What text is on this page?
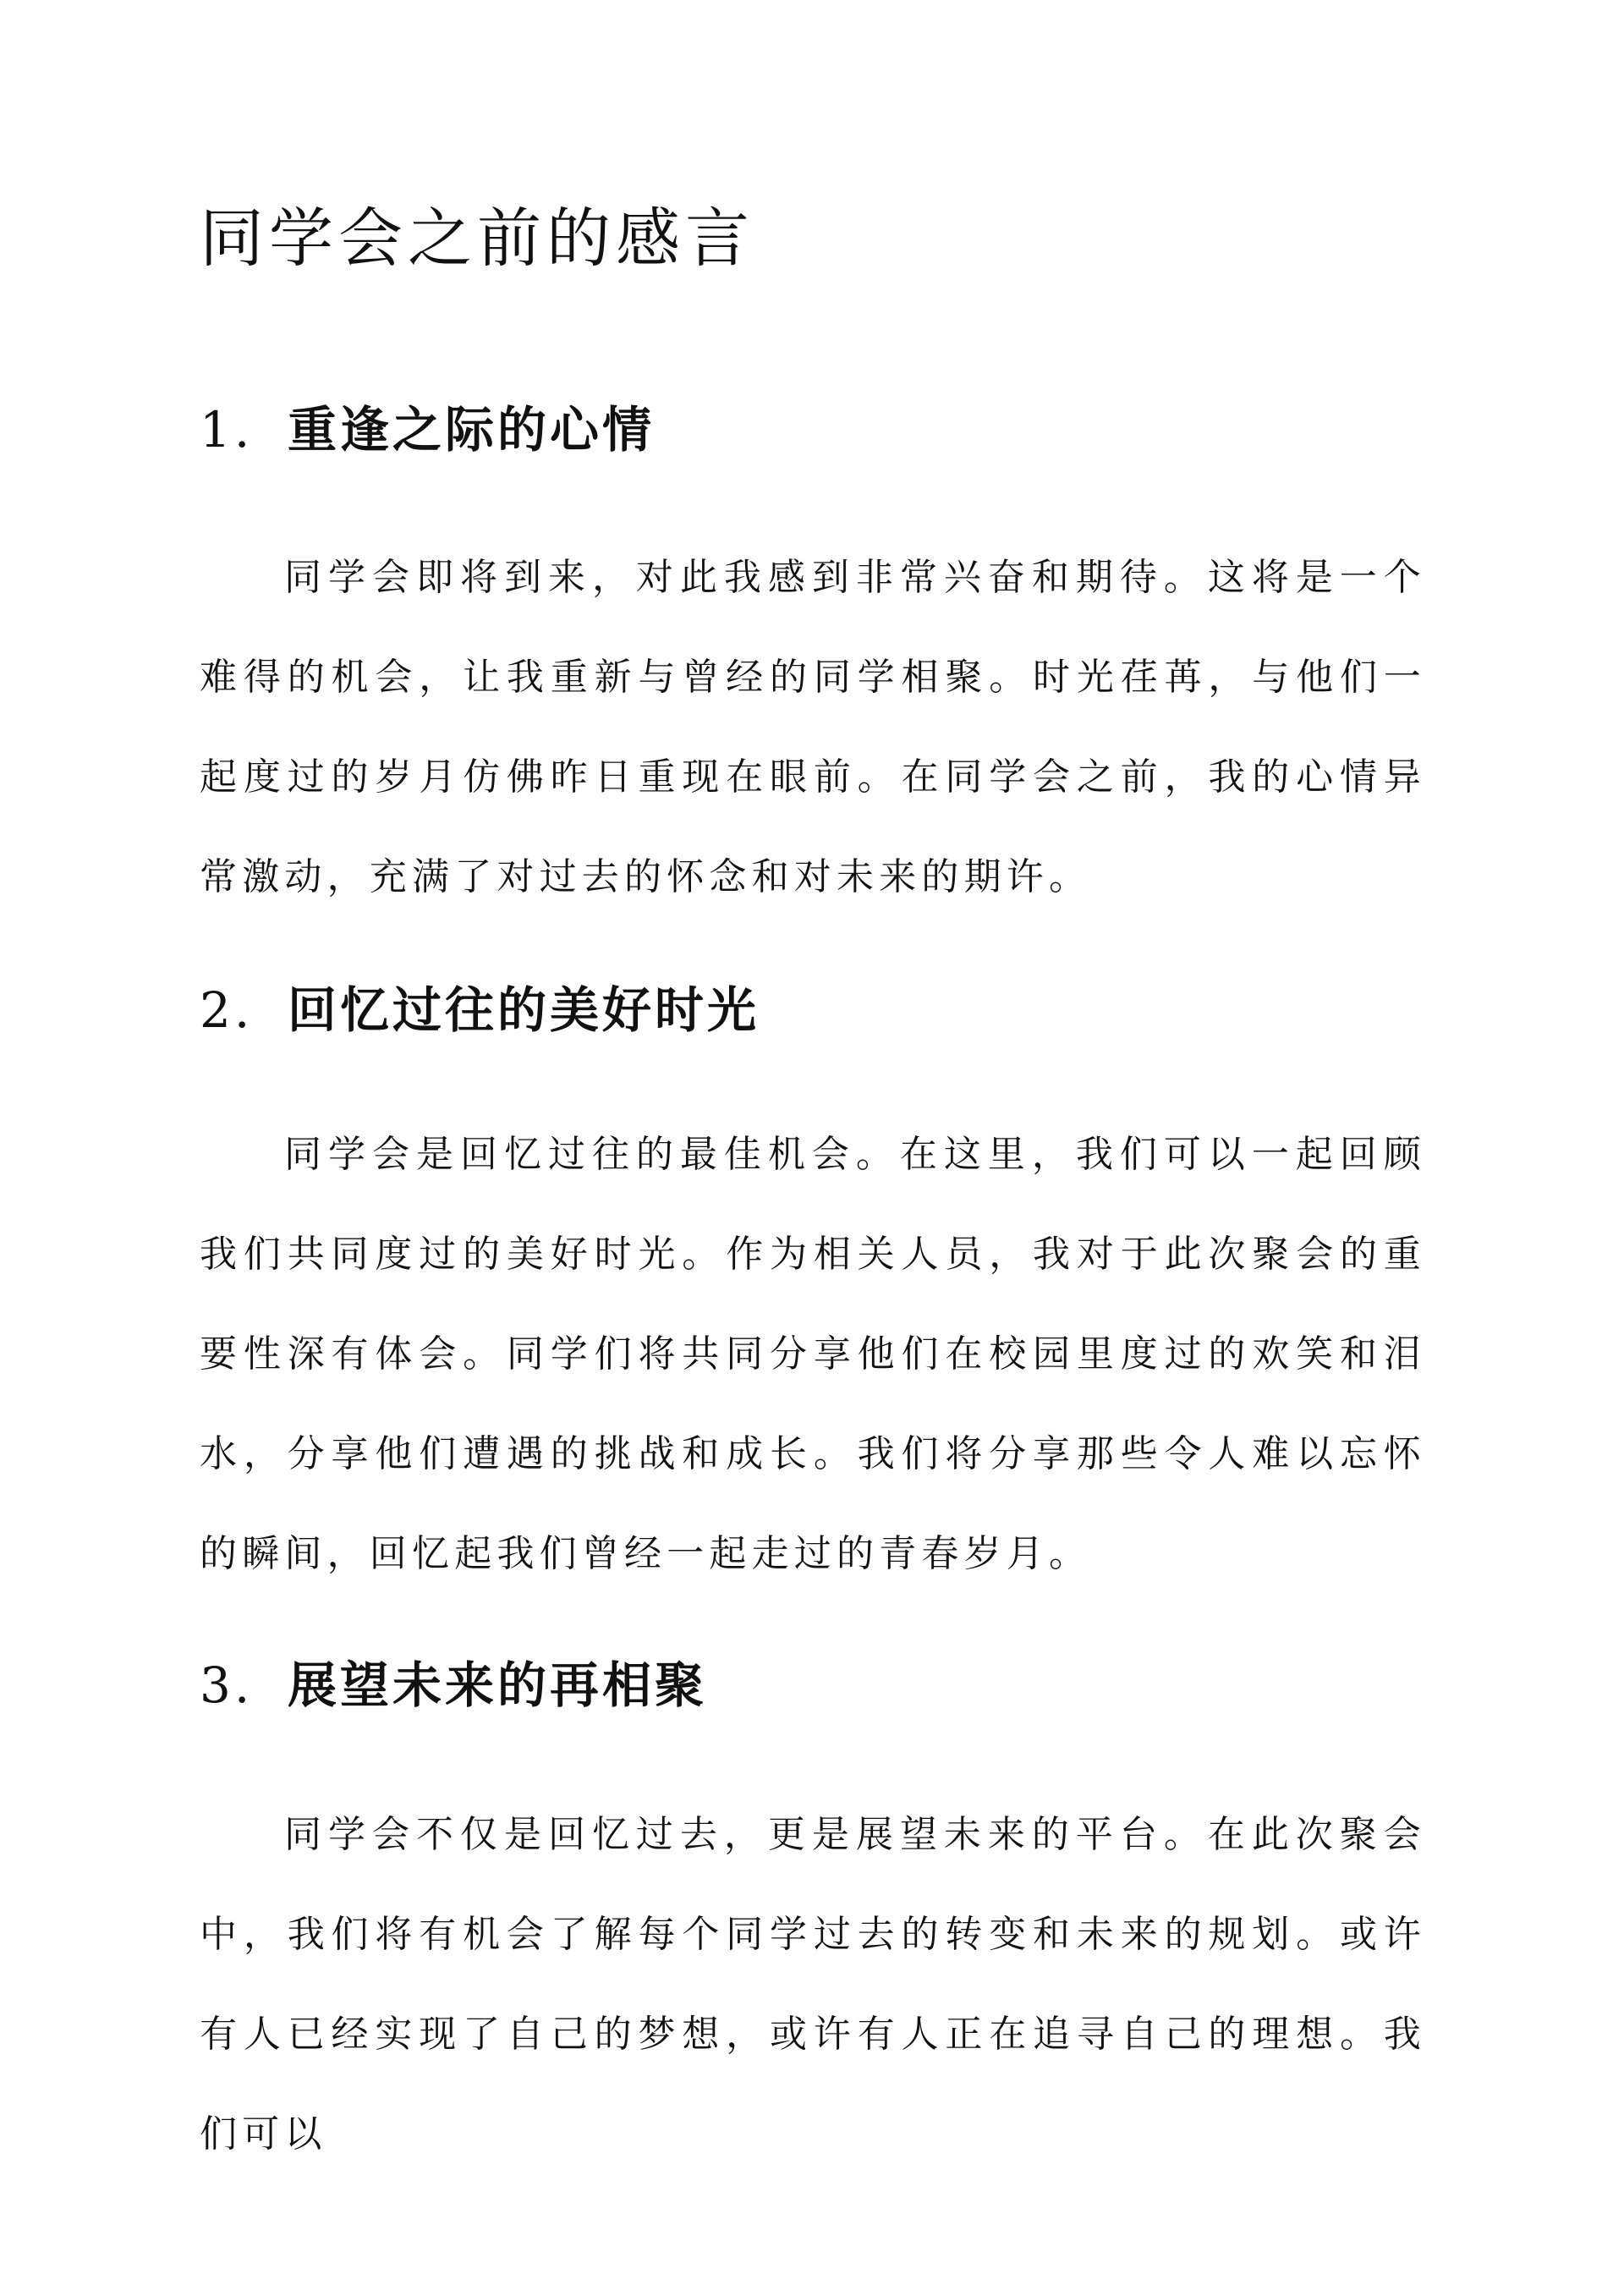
同学会之前的感言
1. 重逢之际的心情

同学会即将到来，对此我感到非常兴奋和期待。这将是一个难得的机会，让我重新与曾经的同学相聚。时光荏苒，与他们一起度过的岁月仿佛昨日重现在眼前。在同学会之前，我的心情异常激动，充满了对过去的怀念和对未来的期许。

2. 回忆过往的美好时光

同学会是回忆过往的最佳机会。在这里，我们可以一起回顾我们共同度过的美好时光。作为相关人员，我对于此次聚会的重要性深有体会。同学们将共同分享他们在校园里度过的欢笑和泪水，分享他们遭遇的挑战和成长。我们将分享那些令人难以忘怀的瞬间，回忆起我们曾经一起走过的青春岁月。

3. 展望未来的再相聚

同学会不仅是回忆过去，更是展望未来的平台。在此次聚会中，我们将有机会了解每个同学过去的转变和未来的规划。或许有人已经实现了自己的梦想，或许有人正在追寻自己的理想。我们可以
